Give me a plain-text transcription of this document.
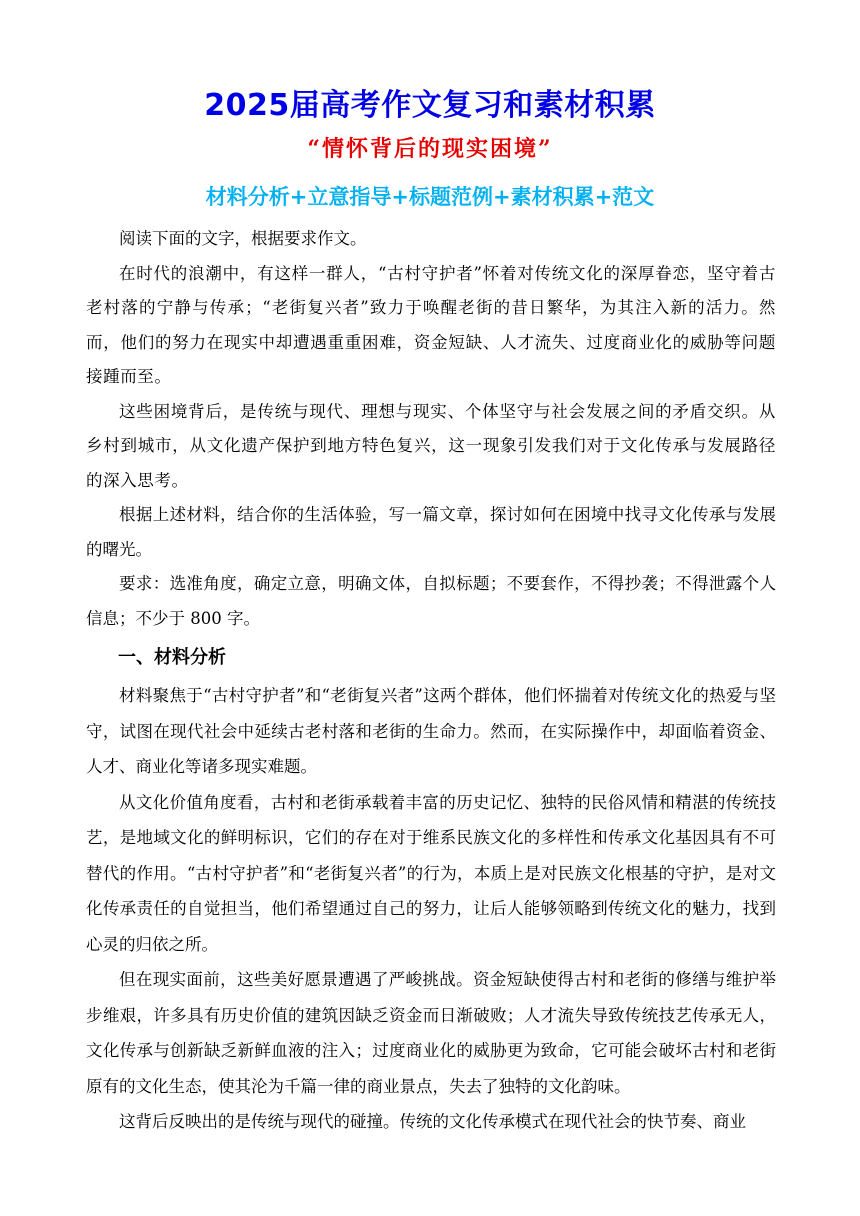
2025届高考作文复习和素材积累
“情怀背后的现实困境”
材料分析+立意指导+标题范例+素材积累+范文

阅读下面的文字，根据要求作文。

在时代的浪潮中，有这样一群人，“古村守护者”怀着对传统文化的深厚眷恋，坚守着古老村落的宁静与传承；“老街复兴者”致力于唤醒老街的昔日繁华，为其注入新的活力。然而，他们的努力在现实中却遭遇重重困难，资金短缺、人才流失、过度商业化的威胁等问题接踵而至。

这些困境背后，是传统与现代、理想与现实、个体坚守与社会发展之间的矛盾交织。从乡村到城市，从文化遗产保护到地方特色复兴，这一现象引发我们对于文化传承与发展路径的深入思考。

根据上述材料，结合你的生活体验，写一篇文章，探讨如何在困境中找寻文化传承与发展的曙光。

要求：选准角度，确定立意，明确文体，自拟标题；不要套作，不得抄袭；不得泄露个人信息；不少于 800 字。

一、材料分析

材料聚焦于“古村守护者”和“老街复兴者”这两个群体，他们怀揣着对传统文化的热爱与坚守，试图在现代社会中延续古老村落和老街的生命力。然而，在实际操作中，却面临着资金、人才、商业化等诸多现实难题。

从文化价值角度看，古村和老街承载着丰富的历史记忆、独特的民俗风情和精湛的传统技艺，是地域文化的鲜明标识，它们的存在对于维系民族文化的多样性和传承文化基因具有不可替代的作用。“古村守护者”和“老街复兴者”的行为，本质上是对民族文化根基的守护，是对文化传承责任的自觉担当，他们希望通过自己的努力，让后人能够领略到传统文化的魅力，找到心灵的归依之所。

但在现实面前，这些美好愿景遭遇了严峻挑战。资金短缺使得古村和老街的修缮与维护举步维艰，许多具有历史价值的建筑因缺乏资金而日渐破败；人才流失导致传统技艺传承无人，文化传承与创新缺乏新鲜血液的注入；过度商业化的威胁更为致命，它可能会破坏古村和老街原有的文化生态，使其沦为千篇一律的商业景点，失去了独特的文化韵味。

这背后反映出的是传统与现代的碰撞。传统的文化传承模式在现代社会的快节奏、商业
